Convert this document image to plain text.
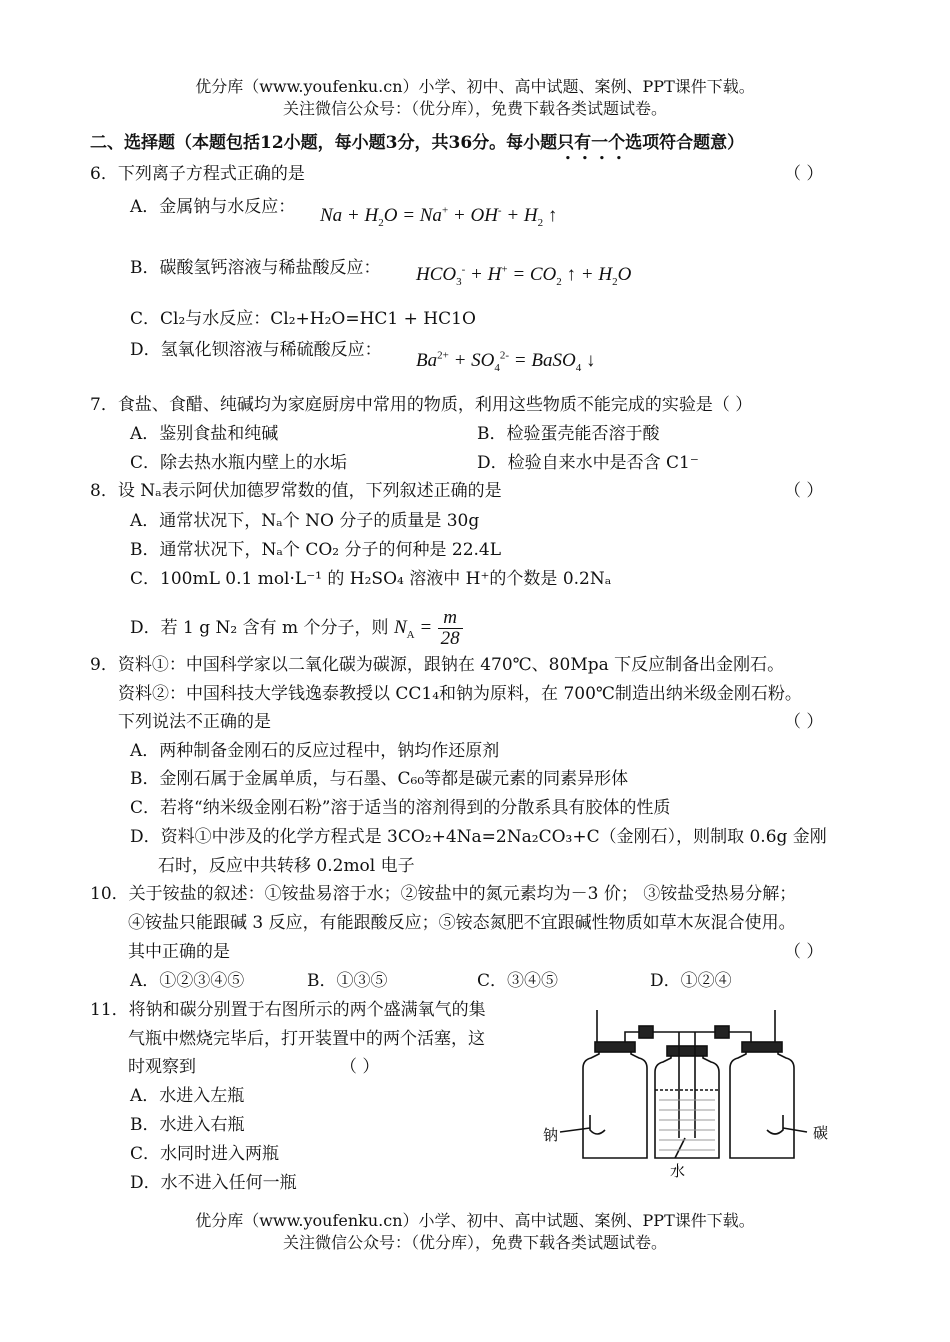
优分库（www.youfenku.cn）小学、初中、高中试题、案例、PPT课件下载。
关注微信公众号：（优分库），免费下载各类试题试卷。
二、选择题（本题包括12小题，每小题3分，共36分。每小题只有一个选项符合题意）
6．下列离子方程式正确的是	（ ）
A．金属钠与水反应： $Na + H_2O = Na^+ + OH^- + H_2$ ↑
B．碳酸氢钙溶液与稀盐酸反应： $HCO_3^- + H^+ = CO_2$ ↑ + $H_2O$
C．Cl₂与水反应：Cl₂+H₂O=HC1 + HC1O
D．氢氧化钡溶液与稀硫酸反应： $Ba^{2+} + SO_4^{2-}$ = BaSO$_4$ ↓
7．食盐、食醋、纯碱均为家庭厨房中常用的物质，利用这些物质不能完成的实验是（ ）
A．鉴别食盐和纯碱	B．检验蛋壳能否溶于酸
C．除去热水瓶内壁上的水垢	D．检验自来水中是否含 C1⁻
8．设 Nₐ表示阿伏加德罗常数的值，下列叙述正确的是	（ ）
A．通常状况下，Nₐ个 NO 分子的质量是 30g
B．通常状况下，Nₐ个 CO₂ 分子的何种是 22.4L
C．100mL 0.1 mol·L⁻¹ 的 H₂SO₄ 溶液中 H⁺的个数是 0.2Nₐ
D．若 1 g N₂ 含有 m 个分子，则 $N_A = \frac{m}{28}$
9．资料①：中国科学家以二氧化碳为碳源，跟钠在 470℃、80Mpa 下反应制备出金刚石。
资料②：中国科技大学钱逸泰教授以 CC1₄和钠为原料，在 700℃制造出纳米级金刚石粉。
下列说法不正确的是	（ ）
A．两种制备金刚石的反应过程中，钠均作还原剂
B．金刚石属于金属单质，与石墨、C₆₀等都是碳元素的同素异形体
C．若将“纳米级金刚石粉”溶于适当的溶剂得到的分散系具有胶体的性质
D．资料①中涉及的化学方程式是 3CO₂+4Na=2Na₂CO₃+C（金刚石），则制取 0.6g 金刚
石时，反应中共转移 0.2mol 电子
10．关于铵盐的叙述：①铵盐易溶于水；②铵盐中的氮元素均为－3 价； ③铵盐受热易分解；
④铵盐只能跟碱 3 反应，有能跟酸反应；⑤铵态氮肥不宜跟碱性物质如草木灰混合使用。
其中正确的是	（ ）
A．①②③④⑤	B．①③⑤	C．③④⑤	D．①②④
11．将钠和碳分别置于右图所示的两个盛满氧气的集
气瓶中燃烧完毕后，打开装置中的两个活塞，这
时观察到	（ ）
A．水进入左瓶
B．水进入右瓶
C．水同时进入两瓶
D．水不进入任何一瓶
钠	碳
水
优分库（www.youfenku.cn）小学、初中、高中试题、案例、PPT课件下载。
关注微信公众号：（优分库），免费下载各类试题试卷。
